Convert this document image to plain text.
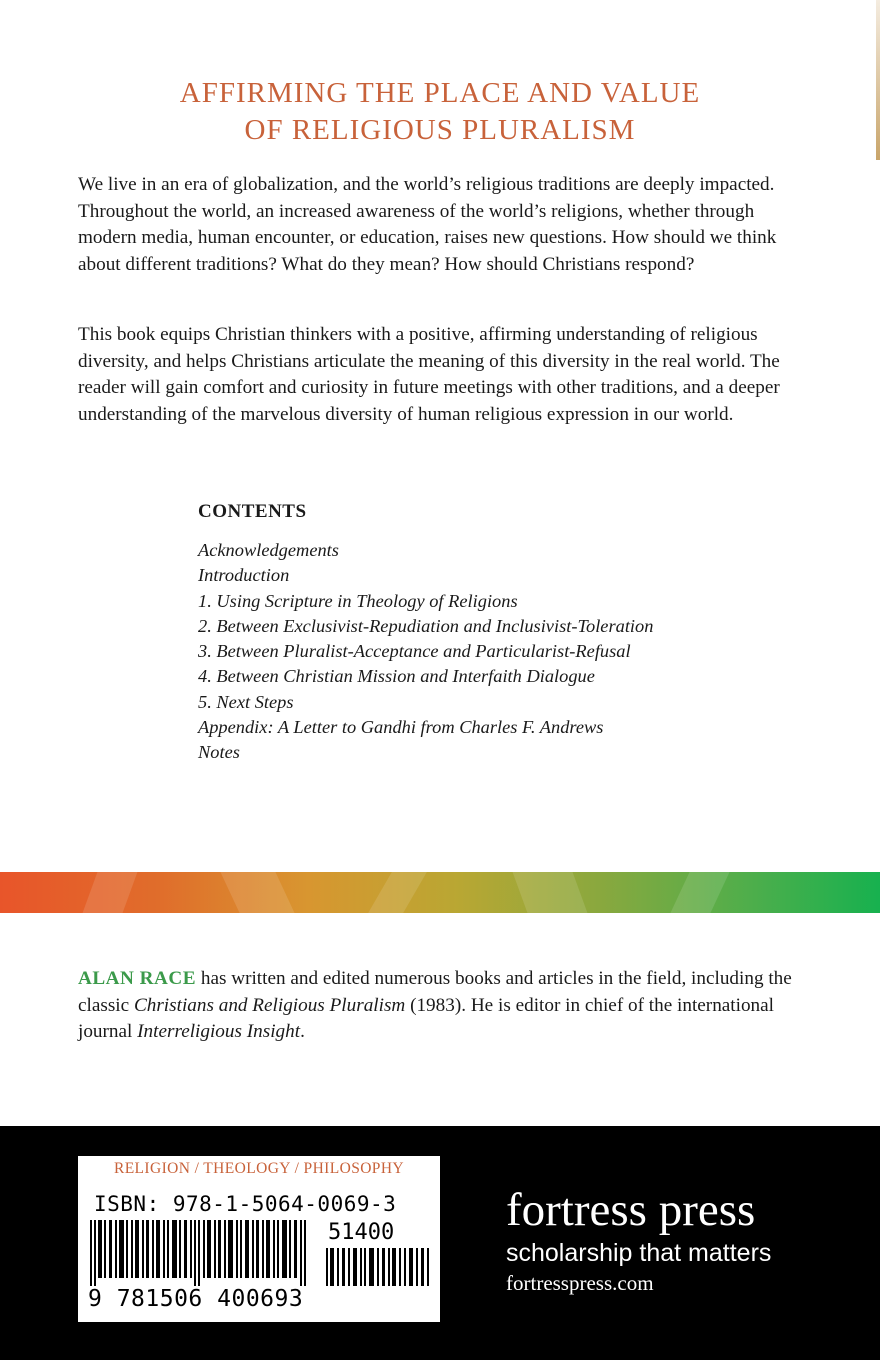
AFFIRMING THE PLACE AND VALUE
OF RELIGIOUS PLURALISM

We live in an era of globalization, and the world’s religious traditions are deeply impacted. Throughout the world, an increased awareness of the world’s religions, whether through modern media, human encounter, or education, raises new questions. How should we think about different traditions? What do they mean? How should Christians respond?

This book equips Christian thinkers with a positive, affirming understanding of religious diversity, and helps Christians articulate the meaning of this diversity in the real world. The reader will gain comfort and curiosity in future meetings with other traditions, and a deeper understanding of the marvelous diversity of human religious expression in our world.

CONTENTS
Acknowledgements
Introduction
1. Using Scripture in Theology of Religions
2. Between Exclusivist-Repudiation and Inclusivist-Toleration
3. Between Pluralist-Acceptance and Particularist-Refusal
4. Between Christian Mission and Interfaith Dialogue
5. Next Steps
Appendix: A Letter to Gandhi from Charles F. Andrews
Notes

ALAN RACE has written and edited numerous books and articles in the field, including the classic Christians and Religious Pluralism (1983). He is editor in chief of the international journal Interreligious Insight.

RELIGION / THEOLOGY / PHILOSOPHY
ISBN: 978-1-5064-0069-3
51400
9 781506 400693
fortress press
scholarship that matters
fortresspress.com
